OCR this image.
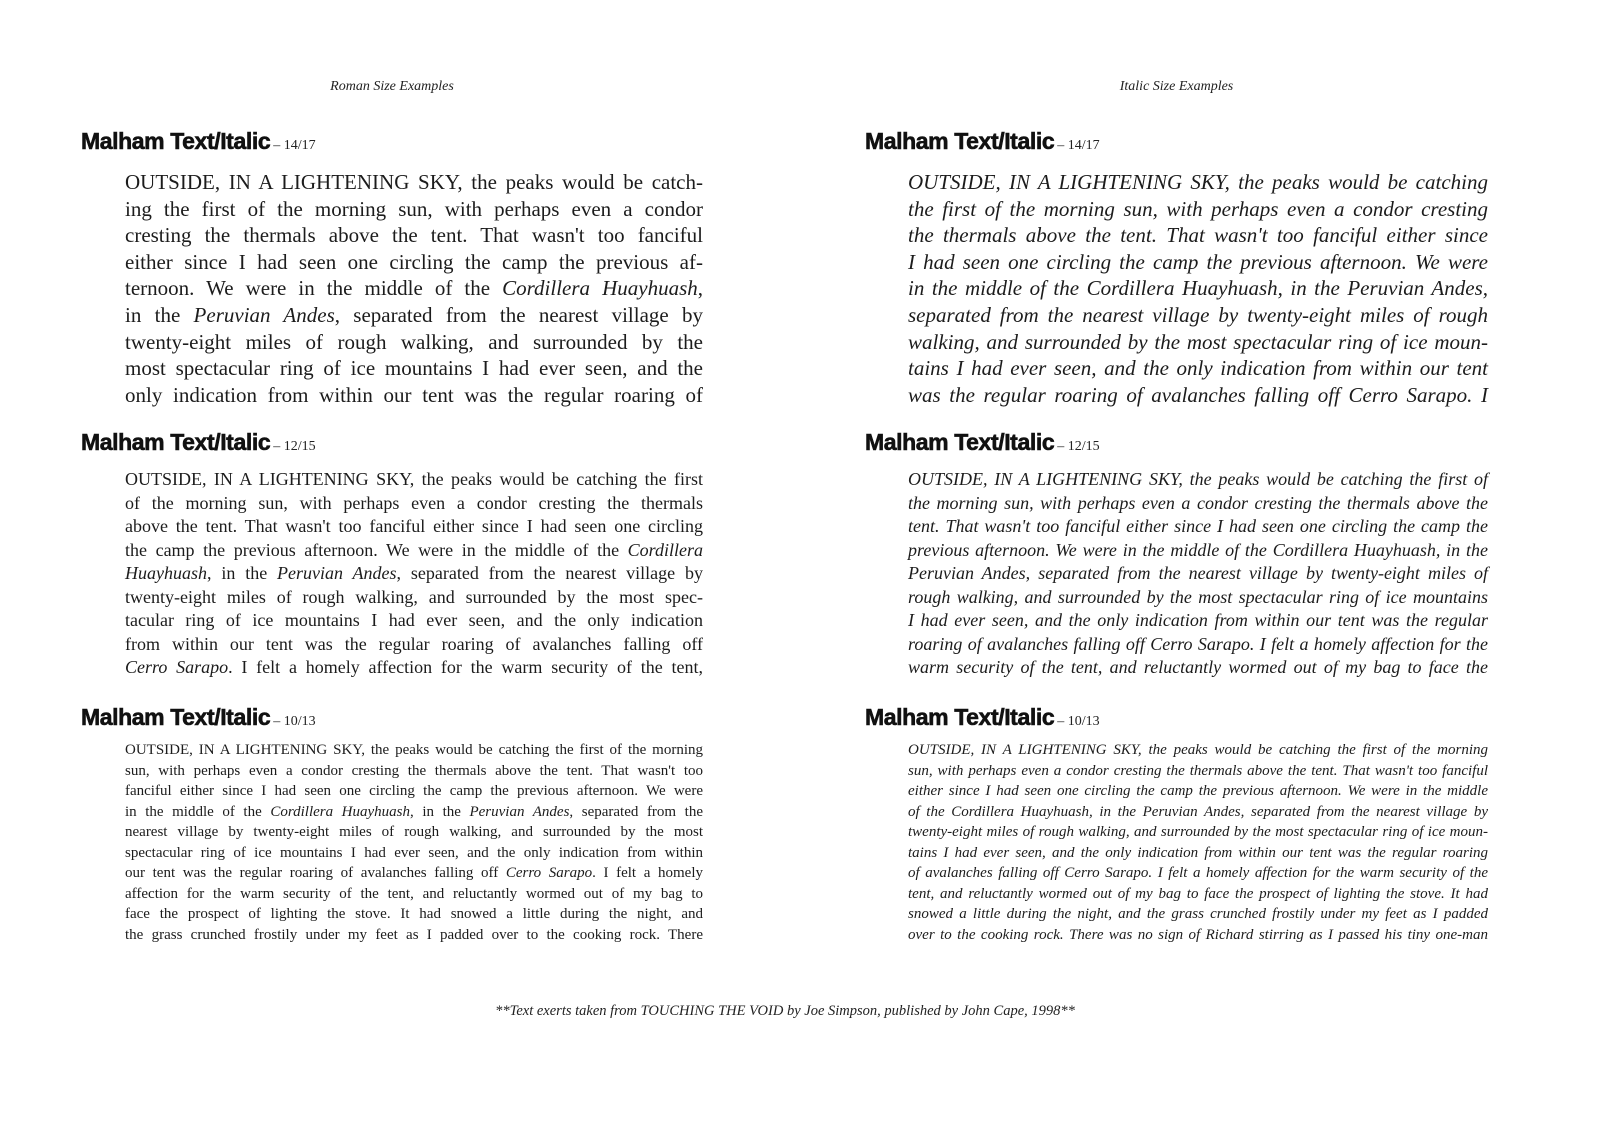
Roman Size Examples
Malham Text/Italic – 14/17
OUTSIDE, IN A LIGHTENING SKY, the peaks would be catch-
ing the first of the morning sun, with perhaps even a condor
cresting the thermals above the tent. That wasn't too fanciful
either since I had seen one circling the camp the previous af-
ternoon. We were in the middle of the Cordillera Huayhuash,
in the Peruvian Andes, separated from the nearest village by
twenty-eight miles of rough walking, and surrounded by the
most spectacular ring of ice mountains I had ever seen, and the
only indication from within our tent was the regular roaring of
Malham Text/Italic – 12/15
OUTSIDE, IN A LIGHTENING SKY, the peaks would be catching the first
of the morning sun, with perhaps even a condor cresting the thermals
above the tent. That wasn't too fanciful either since I had seen one circling
the camp the previous afternoon. We were in the middle of the Cordillera
Huayhuash, in the Peruvian Andes, separated from the nearest village by
twenty-eight miles of rough walking, and surrounded by the most spec-
tacular ring of ice mountains I had ever seen, and the only indication
from within our tent was the regular roaring of avalanches falling off
Cerro Sarapo. I felt a homely affection for the warm security of the tent,
Malham Text/Italic – 10/13
OUTSIDE, IN A LIGHTENING SKY, the peaks would be catching the first of the morning
sun, with perhaps even a condor cresting the thermals above the tent. That wasn't too
fanciful either since I had seen one circling the camp the previous afternoon. We were
in the middle of the Cordillera Huayhuash, in the Peruvian Andes, separated from the
nearest village by twenty-eight miles of rough walking, and surrounded by the most
spectacular ring of ice mountains I had ever seen, and the only indication from within
our tent was the regular roaring of avalanches falling off Cerro Sarapo. I felt a homely
affection for the warm security of the tent, and reluctantly wormed out of my bag to
face the prospect of lighting the stove. It had snowed a little during the night, and
the grass crunched frostily under my feet as I padded over to the cooking rock. There
Italic Size Examples
Malham Text/Italic – 14/17
OUTSIDE, IN A LIGHTENING SKY, the peaks would be catching
the first of the morning sun, with perhaps even a condor cresting
the thermals above the tent. That wasn't too fanciful either since
I had seen one circling the camp the previous afternoon. We were
in the middle of the Cordillera Huayhuash, in the Peruvian Andes,
separated from the nearest village by twenty-eight miles of rough
walking, and surrounded by the most spectacular ring of ice moun-
tains I had ever seen, and the only indication from within our tent
was the regular roaring of avalanches falling off Cerro Sarapo. I
Malham Text/Italic – 12/15
OUTSIDE, IN A LIGHTENING SKY, the peaks would be catching the first of
the morning sun, with perhaps even a condor cresting the thermals above the
tent. That wasn't too fanciful either since I had seen one circling the camp the
previous afternoon. We were in the middle of the Cordillera Huayhuash, in the
Peruvian Andes, separated from the nearest village by twenty-eight miles of
rough walking, and surrounded by the most spectacular ring of ice mountains
I had ever seen, and the only indication from within our tent was the regular
roaring of avalanches falling off Cerro Sarapo. I felt a homely affection for the
warm security of the tent, and reluctantly wormed out of my bag to face the
Malham Text/Italic – 10/13
OUTSIDE, IN A LIGHTENING SKY, the peaks would be catching the first of the morning
sun, with perhaps even a condor cresting the thermals above the tent. That wasn't too fanciful
either since I had seen one circling the camp the previous afternoon. We were in the middle
of the Cordillera Huayhuash, in the Peruvian Andes, separated from the nearest village by
twenty-eight miles of rough walking, and surrounded by the most spectacular ring of ice moun-
tains I had ever seen, and the only indication from within our tent was the regular roaring
of avalanches falling off Cerro Sarapo. I felt a homely affection for the warm security of the
tent, and reluctantly wormed out of my bag to face the prospect of lighting the stove. It had
snowed a little during the night, and the grass crunched frostily under my feet as I padded
over to the cooking rock. There was no sign of Richard stirring as I passed his tiny one-man
**Text exerts taken from TOUCHING THE VOID by Joe Simpson, published by John Cape, 1998**
